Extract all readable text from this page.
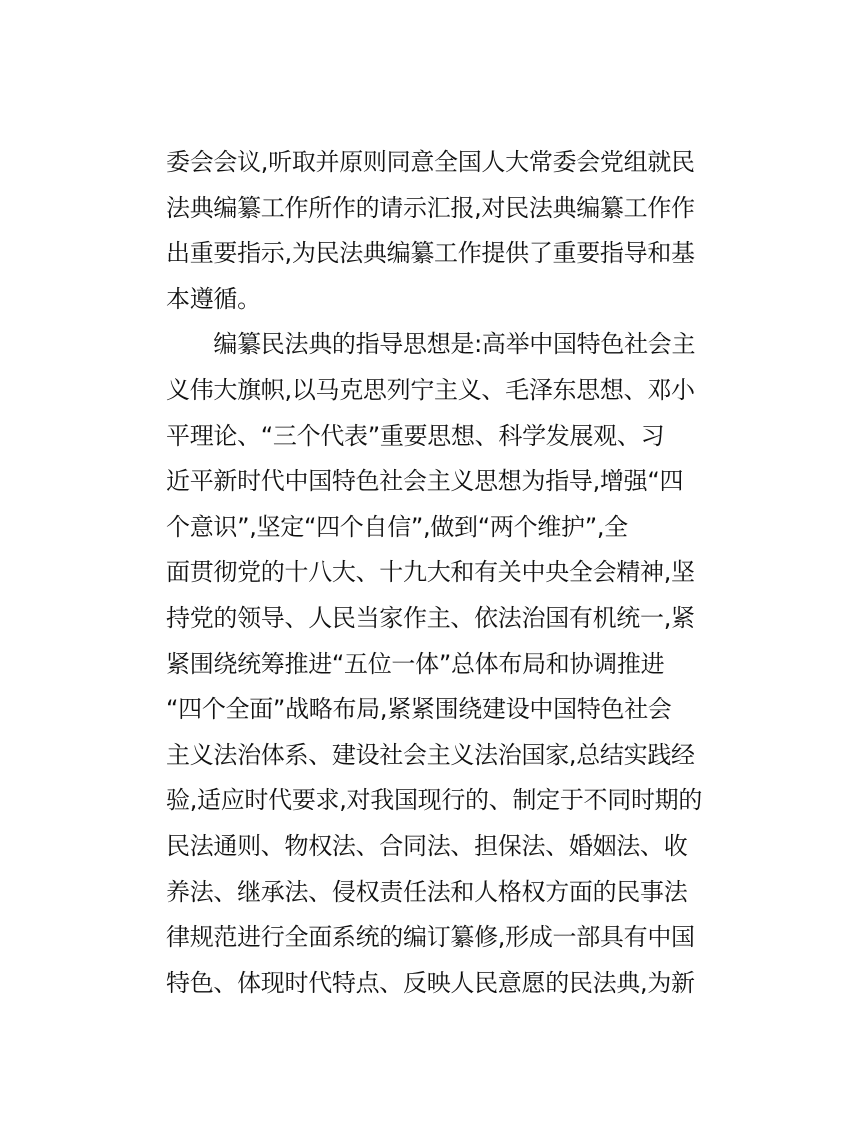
委会会议,听取并原则同意全国人大常委会党组就民
法典编纂工作所作的请示汇报,对民法典编纂工作作
出重要指示,为民法典编纂工作提供了重要指导和基
本遵循。
　　编纂民法典的指导思想是:高举中国特色社会主
义伟大旗帜,以马克思列宁主义、毛泽东思想、邓小
平理论、“三个代表”重要思想、科学发展观、习
近平新时代中国特色社会主义思想为指导,增强“四
个意识”,坚定“四个自信”,做到“两个维护”,全
面贯彻党的十八大、十九大和有关中央全会精神,坚
持党的领导、人民当家作主、依法治国有机统一,紧
紧围绕统筹推进“五位一体”总体布局和协调推进
“四个全面”战略布局,紧紧围绕建设中国特色社会
主义法治体系、建设社会主义法治国家,总结实践经
验,适应时代要求,对我国现行的、制定于不同时期的
民法通则、物权法、合同法、担保法、婚姻法、收
养法、继承法、侵权责任法和人格权方面的民事法
律规范进行全面系统的编订纂修,形成一部具有中国
特色、体现时代特点、反映人民意愿的民法典,为新
